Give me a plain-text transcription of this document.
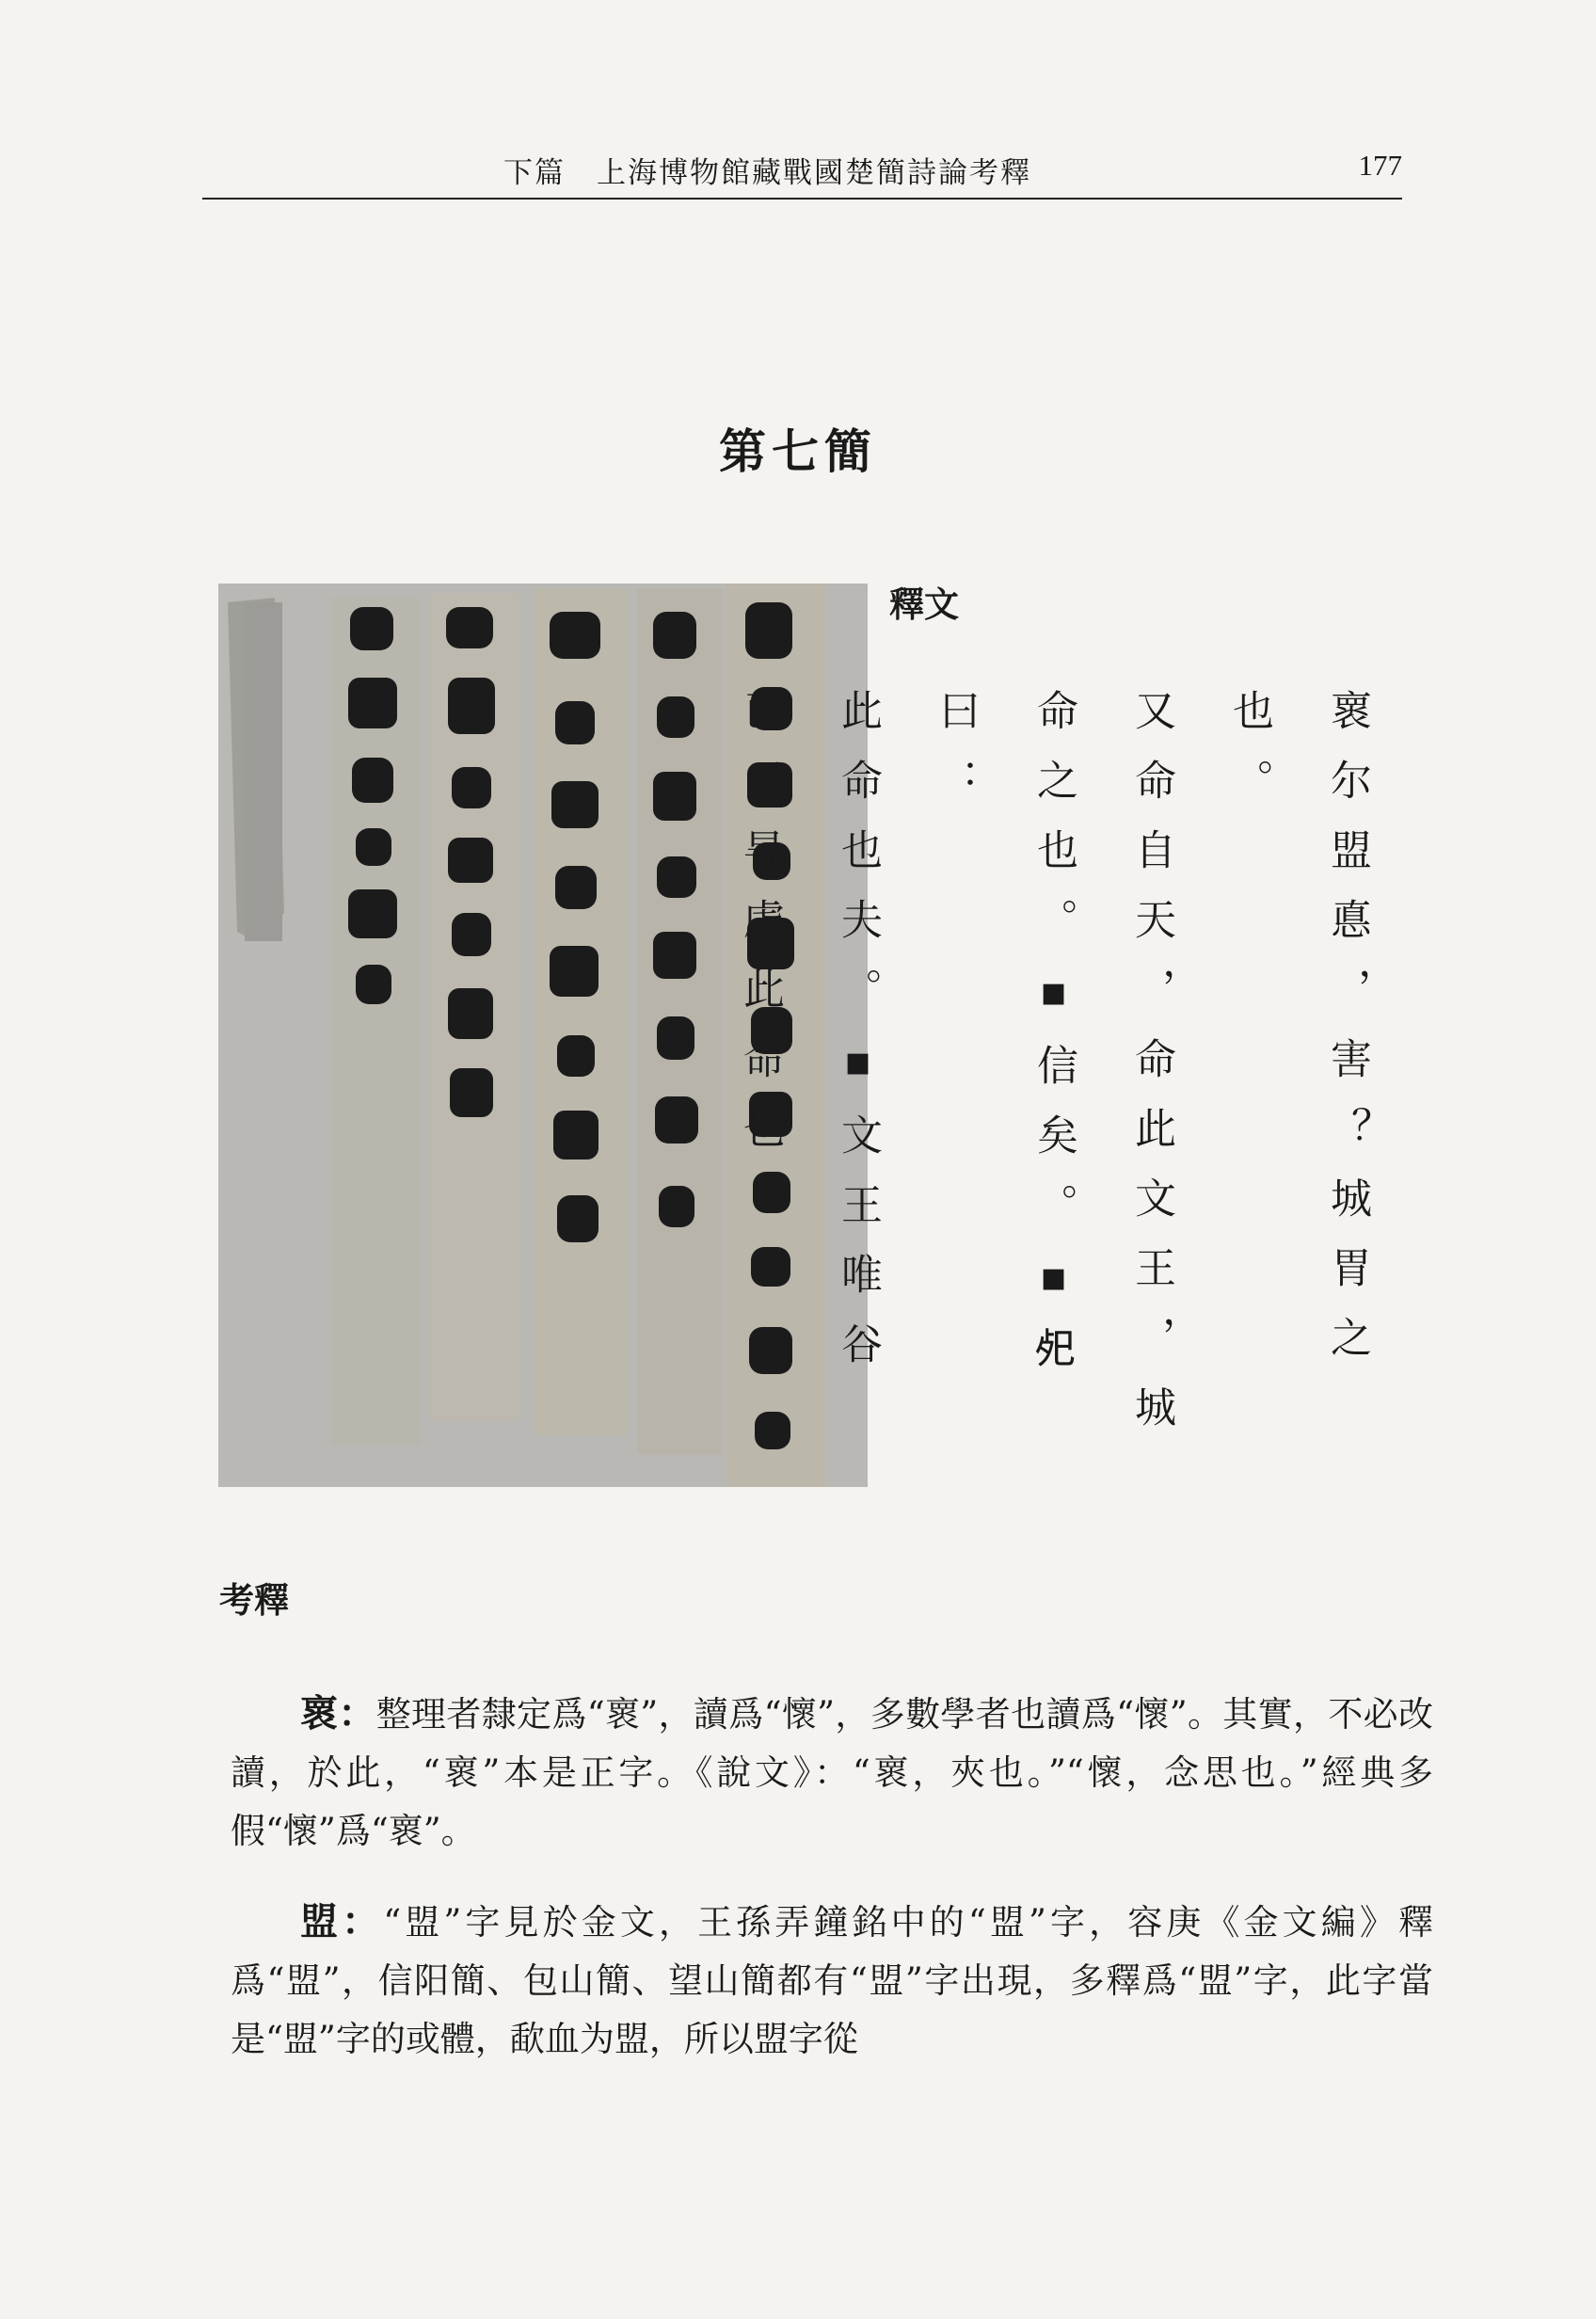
下篇　上海博物館藏戰國楚簡詩論考釋	177
第七簡
釋文
褱尔盟悳，害？城胃之也。
又命自天，命此文王，城
命之也。▪信矣。▪𢀸曰：
此命也夫。▪文王唯谷
已，㝵虘此命也。
考釋

褱：整理者隸定爲“褱”，讀爲“懷”，多數學者也讀爲“懷”。其實，不必改讀，於此，“褱”本是正字。《說文》：“褱，夾也。”“懷，念思也。”經典多假“懷”爲“褱”。

盟：“盟”字見於金文，王孫弄鐘銘中的“盟”字，容庚《金文編》釋爲“盟”，信阳簡、包山簡、望山簡都有“盟”字出現，多釋爲“盟”字，此字當是“盟”字的或體，歃血为盟，所以盟字從
